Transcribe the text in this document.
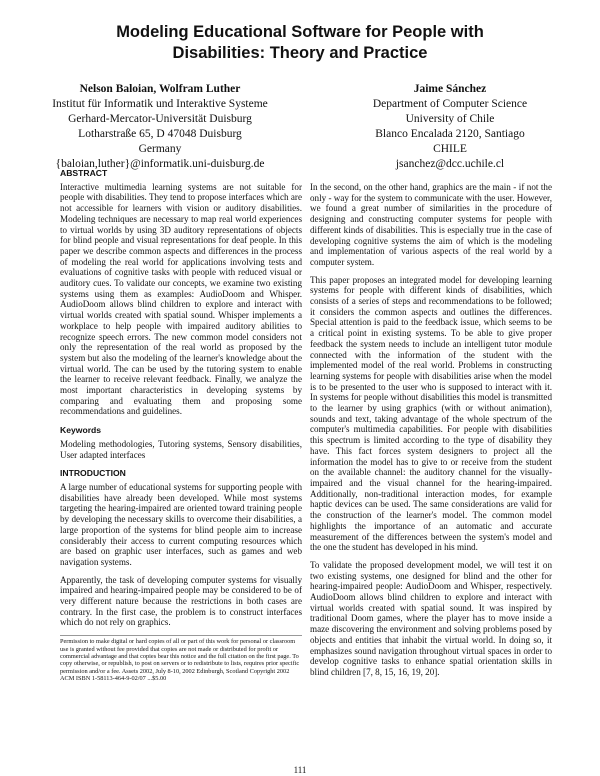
Modeling Educational Software for People with
Disabilities: Theory and Practice
Nelson Baloian, Wolfram Luther
Institut für Informatik und Interaktive Systeme
Gerhard-Mercator-Universität Duisburg
Lotharstraße 65, D 47048 Duisburg
Germany
{baloian,luther}@informatik.uni-duisburg.de
Jaime Sánchez
Department of Computer Science
University of Chile
Blanco Encalada 2120, Santiago
CHILE
jsanchez@dcc.uchile.cl
ABSTRACT

Interactive multimedia learning systems are not suitable for people with disabilities. They tend to propose interfaces which are not accessible for learners with vision or auditory disabilities. Modeling techniques are necessary to map real world experiences to virtual worlds by using 3D auditory representations of objects for blind people and visual representations for deaf people. In this paper we describe common aspects and differences in the process of modeling the real world for applications involving tests and evaluations of cognitive tasks with people with reduced visual or auditory cues. To validate our concepts, we examine two existing systems using them as examples: AudioDoom and Whisper. AudioDoom allows blind children to explore and interact with virtual worlds created with spatial sound. Whisper implements a workplace to help people with impaired auditory abilities to recognize speech errors. The new common model considers not only the representation of the real world as proposed by the system but also the modeling of the learner's knowledge about the virtual world. The can be used by the tutoring system to enable the learner to receive relevant feedback. Finally, we analyze the most important characteristics in developing systems by comparing and evaluating them and proposing some recommendations and guidelines.

Keywords

Modeling methodologies, Tutoring systems, Sensory disabilities, User adapted interfaces

INTRODUCTION

A large number of educational systems for supporting people with disabilities have already been developed. While most systems targeting the hearing-impaired are oriented toward training people by developing the necessary skills to overcome their disabilities, a large proportion of the systems for blind people aim to increase considerably their access to current computing resources which are based on graphic user interfaces, such as games and web navigation systems.

Apparently, the task of developing computer systems for visually impaired and hearing-impaired people may be considered to be of very different nature because the restrictions in both cases are contrary. In the first case, the problem is to construct interfaces which do not rely on graphics.

Permission to make digital or hard copies of all or part of this work for personal or classroom use is granted without fee provided that copies are not made or distributed for profit or commercial advantage and that copies bear this notice and the full citation on the first page. To copy otherwise, or republish, to post on servers or to redistribute to lists, requires prior specific permission and/or a fee. Assets 2002, July 8-10, 2002 Edinburgh, Scotland Copyright 2002 ACM ISBN 1-58113-464-9-02/07 ...$5.00

In the second, on the other hand, graphics are the main - if not the only - way for the system to communicate with the user. However, we found a great number of similarities in the procedure of designing and constructing computer systems for people with different kinds of disabilities. This is especially true in the case of developing cognitive systems the aim of which is the modeling and implementation of various aspects of the real world by a computer system.

This paper proposes an integrated model for developing learning systems for people with different kinds of disabilities, which consists of a series of steps and recommendations to be followed; it considers the common aspects and outlines the differences. Special attention is paid to the feedback issue, which seems to be a critical point in existing systems. To be able to give proper feedback the system needs to include an intelligent tutor module connected with the information of the student with the implemented model of the real world. Problems in constructing learning systems for people with disabilities arise when the model is to be presented to the user who is supposed to interact with it. In systems for people without disabilities this model is transmitted to the learner by using graphics (with or without animation), sounds and text, taking advantage of the whole spectrum of the computer's multimedia capabilities. For people with disabilities this spectrum is limited according to the type of disability they have. This fact forces system designers to project all the information the model has to give to or receive from the student on the available channel: the auditory channel for the visually-impaired and the visual channel for the hearing-impaired. Additionally, non-traditional interaction modes, for example haptic devices can be used. The same considerations are valid for the construction of the learner's model. The common model highlights the importance of an automatic and accurate measurement of the differences between the system's model and the one the student has developed in his mind.

To validate the proposed development model, we will test it on two existing systems, one designed for blind and the other for hearing-impaired people: AudioDoom and Whisper, respectively. AudioDoom allows blind children to explore and interact with virtual worlds created with spatial sound. It was inspired by traditional Doom games, where the player has to move inside a maze discovering the environment and solving problems posed by objects and entities that inhabit the virtual world. In doing so, it emphasizes sound navigation throughout virtual spaces in order to develop cognitive tasks to enhance spatial orientation skills in blind children [7, 8, 15, 16, 19, 20].

111
